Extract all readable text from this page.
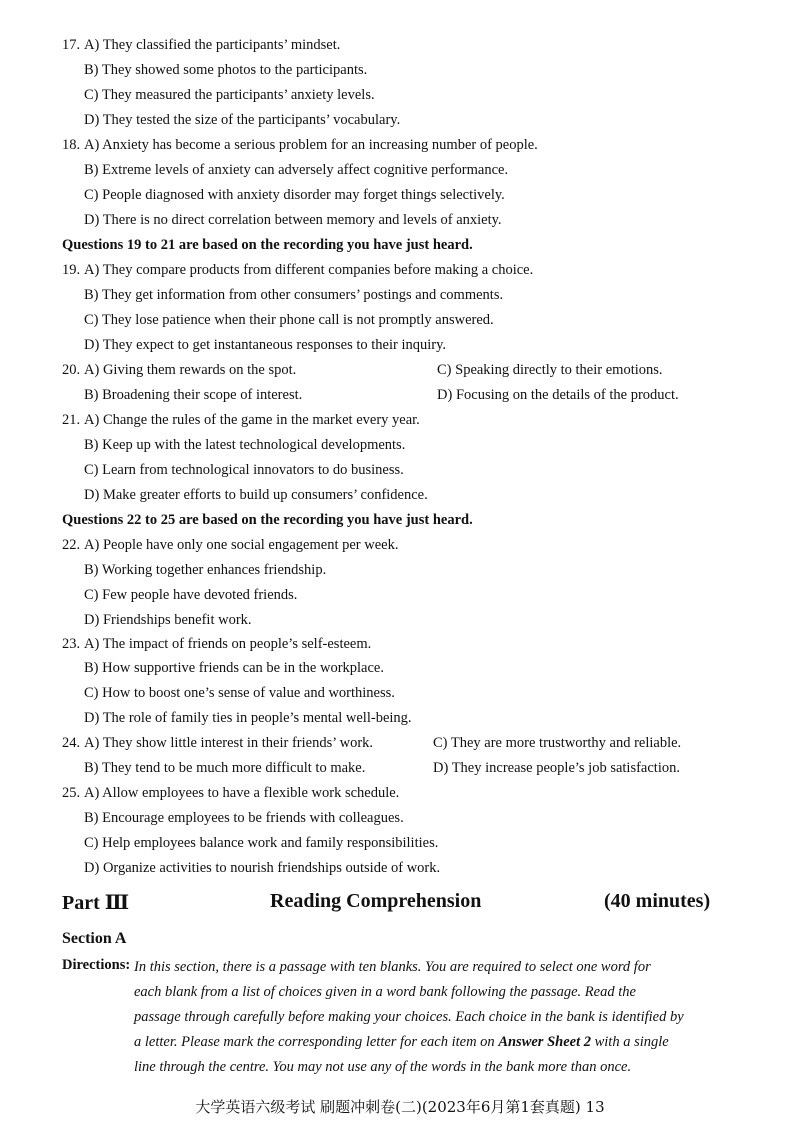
17. A) They classified the participants’ mindset.
B) They showed some photos to the participants.
C) They measured the participants’ anxiety levels.
D) They tested the size of the participants’ vocabulary.
18. A) Anxiety has become a serious problem for an increasing number of people.
B) Extreme levels of anxiety can adversely affect cognitive performance.
C) People diagnosed with anxiety disorder may forget things selectively.
D) There is no direct correlation between memory and levels of anxiety.
Questions 19 to 21 are based on the recording you have just heard.
19. A) They compare products from different companies before making a choice.
B) They get information from other consumers’ postings and comments.
C) They lose patience when their phone call is not promptly answered.
D) They expect to get instantaneous responses to their inquiry.
20. A) Giving them rewards on the spot.	C) Speaking directly to their emotions.
B) Broadening their scope of interest.	D) Focusing on the details of the product.
21. A) Change the rules of the game in the market every year.
B) Keep up with the latest technological developments.
C) Learn from technological innovators to do business.
D) Make greater efforts to build up consumers’ confidence.
Questions 22 to 25 are based on the recording you have just heard.
22. A) People have only one social engagement per week.
B) Working together enhances friendship.
C) Few people have devoted friends.
D) Friendships benefit work.
23. A) The impact of friends on people’s self-esteem.
B) How supportive friends can be in the workplace.
C) How to boost one’s sense of value and worthiness.
D) The role of family ties in people’s mental well-being.
24. A) They show little interest in their friends’ work.	C) They are more trustworthy and reliable.
B) They tend to be much more difficult to make.	D) They increase people’s job satisfaction.
25. A) Allow employees to have a flexible work schedule.
B) Encourage employees to be friends with colleagues.
C) Help employees balance work and family responsibilities.
D) Organize activities to nourish friendships outside of work.
Part Ⅲ	Reading Comprehension	(40 minutes)
Section A
Directions: In this section, there is a passage with ten blanks. You are required to select one word for
each blank from a list of choices given in a word bank following the passage. Read the
passage through carefully before making your choices. Each choice in the bank is identified by
a letter. Please mark the corresponding letter for each item on Answer Sheet 2 with a single
line through the centre. You may not use any of the words in the bank more than once.
大学英语六级考试 刷题冲刺卷(二)(2023年6月第1套真题) 13
